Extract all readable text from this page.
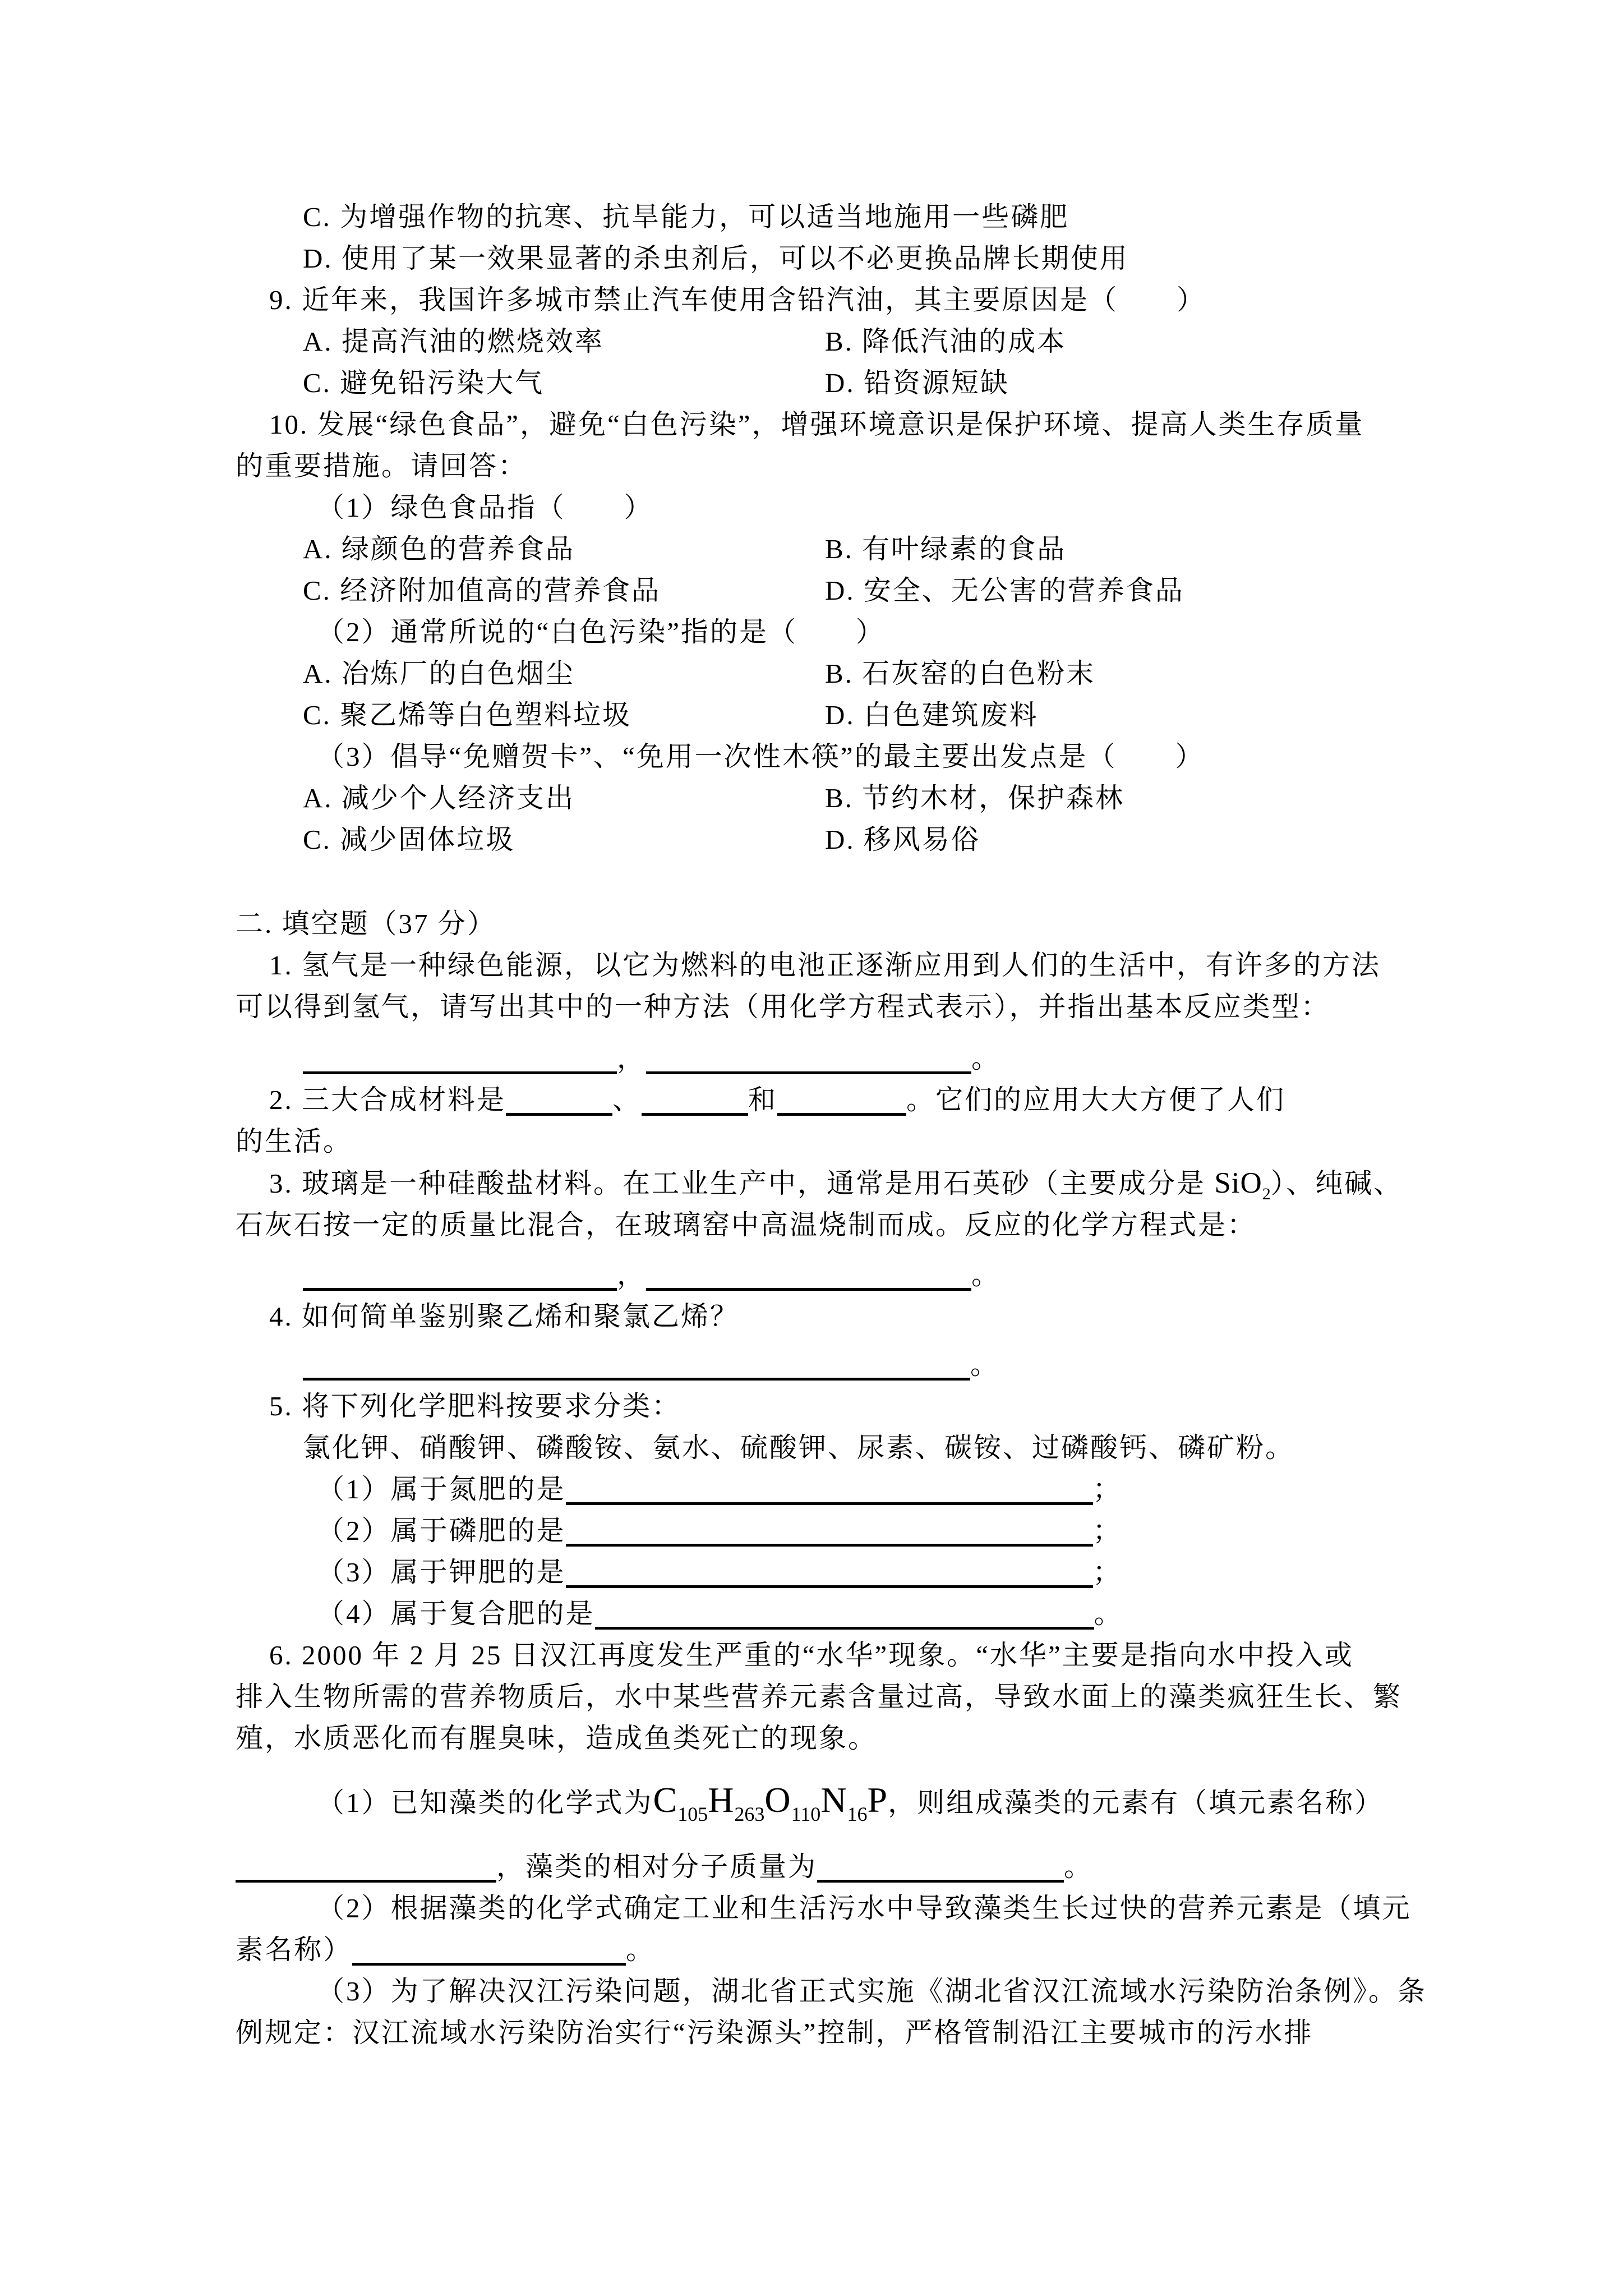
C. 为增强作物的抗寒、抗旱能力，可以适当地施用一些磷肥
D. 使用了某一效果显著的杀虫剂后，可以不必更换品牌长期使用
9. 近年来，我国许多城市禁止汽车使用含铅汽油，其主要原因是（　　）
A. 提高汽油的燃烧效率	B. 降低汽油的成本
C. 避免铅污染大气	D. 铅资源短缺
10. 发展“绿色食品”，避免“白色污染”，增强环境意识是保护环境、提高人类生存质量
的重要措施。请回答：
（1）绿色食品指（　　）
A. 绿颜色的营养食品	B. 有叶绿素的食品
C. 经济附加值高的营养食品	D. 安全、无公害的营养食品
（2）通常所说的“白色污染”指的是（　　）
A. 冶炼厂的白色烟尘	B. 石灰窑的白色粉末
C. 聚乙烯等白色塑料垃圾	D. 白色建筑废料
（3）倡导“免赠贺卡”、“免用一次性木筷”的最主要出发点是（　　）
A. 减少个人经济支出	B. 节约木材，保护森林
C. 减少固体垃圾	D. 移风易俗
二. 填空题（37 分）
1. 氢气是一种绿色能源，以它为燃料的电池正逐渐应用到人们的生活中，有许多的方法
可以得到氢气，请写出其中的一种方法（用化学方程式表示），并指出基本反应类型：
，	。
2. 三大合成材料是	、	和	。它们的应用大大方便了人们
的生活。
3. 玻璃是一种硅酸盐材料。在工业生产中，通常是用石英砂（主要成分是 SiO$_2$）、纯碱、
石灰石按一定的质量比混合，在玻璃窑中高温烧制而成。反应的化学方程式是：
，	。
4. 如何简单鉴别聚乙烯和聚氯乙烯？
。
5. 将下列化学肥料按要求分类：
氯化钾、硝酸钾、磷酸铵、氨水、硫酸钾、尿素、碳铵、过磷酸钙、磷矿粉。
（1）属于氮肥的是	；
（2）属于磷肥的是	；
（3）属于钾肥的是	；
（4）属于复合肥的是	。
6. 2000 年 2 月 25 日汉江再度发生严重的“水华”现象。“水华”主要是指向水中投入或
排入生物所需的营养物质后，水中某些营养元素含量过高，导致水面上的藻类疯狂生长、繁
殖，水质恶化而有腥臭味，造成鱼类死亡的现象。
（1）已知藻类的化学式为$C_{105}H_{263}O_{110}N_{16}P$，则组成藻类的元素有（填元素名称）
，藻类的相对分子质量为	。
（2）根据藻类的化学式确定工业和生活污水中导致藻类生长过快的营养元素是（填元
素名称）	。
（3）为了解决汉江污染问题，湖北省正式实施《湖北省汉江流域水污染防治条例》。条
例规定：汉江流域水污染防治实行“污染源头”控制，严格管制沿江主要城市的污水排
